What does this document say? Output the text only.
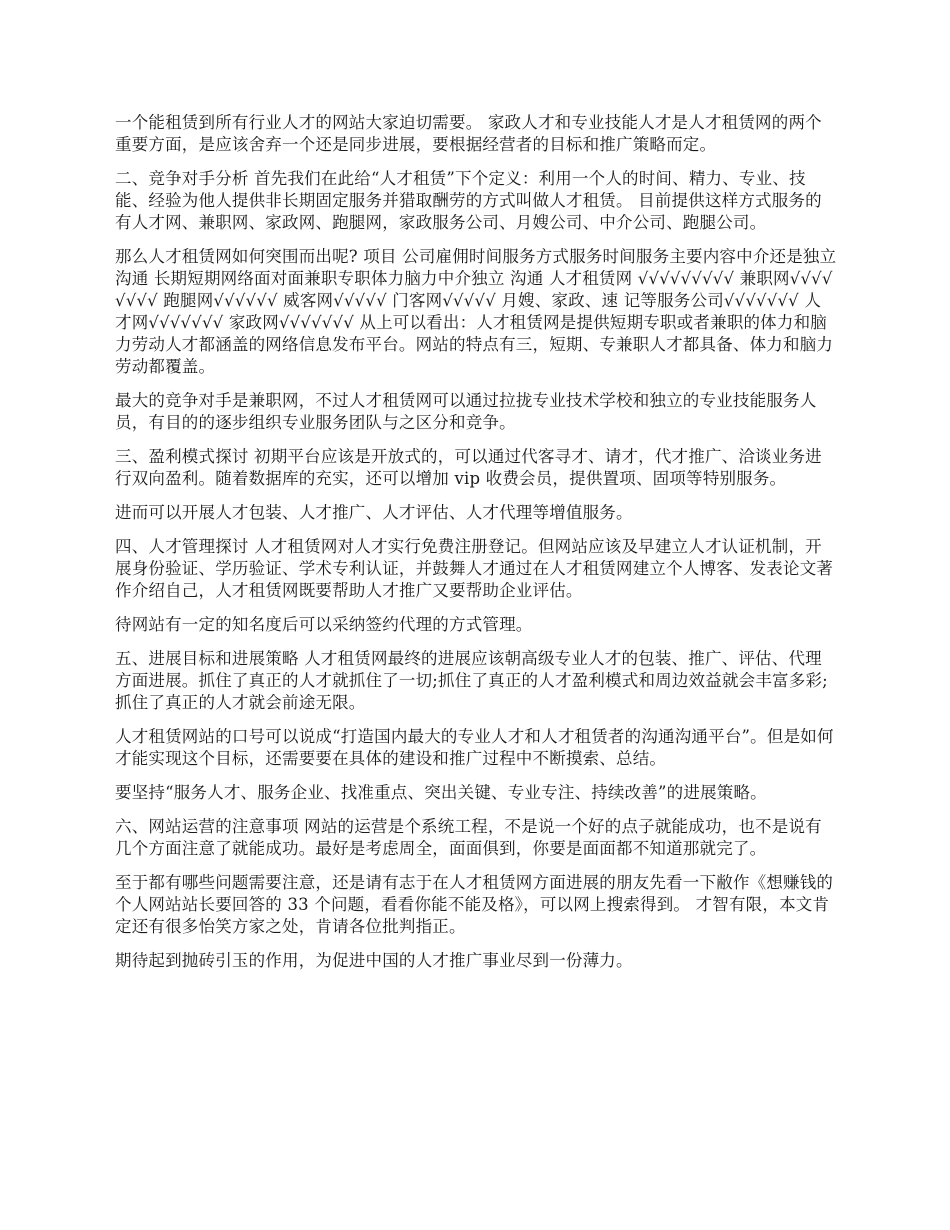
一个能租赁到所有行业人才的网站大家迫切需要。 家政人才和专业技能人才是人才租赁网的两个重要方面，是应该舍弃一个还是同步进展，要根据经营者的目标和推广策略而定。

二、竞争对手分析 首先我们在此给“人才租赁”下个定义：利用一个人的时间、精力、专业、技能、经验为他人提供非长期固定服务并猎取酬劳的方式叫做人才租赁。 目前提供这样方式服务的有人才网、兼职网、家政网、跑腿网，家政服务公司、月嫂公司、中介公司、跑腿公司。

那么人才租赁网如何突围而出呢? 项目 公司雇佣时间服务方式服务时间服务主要内容中介还是独立沟通 长期短期网络面对面兼职专职体力脑力中介独立 沟通 人才租赁网 √√√√√√√√√ 兼职网√√√√√√√√ 跑腿网√√√√√√ 威客网√√√√√ 门客网√√√√√ 月嫂、家政、速 记等服务公司√√√√√√√ 人才网√√√√√√√ 家政网√√√√√√√ 从上可以看出：人才租赁网是提供短期专职或者兼职的体力和脑力劳动人才都涵盖的网络信息发布平台。网站的特点有三，短期、专兼职人才都具备、体力和脑力劳动都覆盖。

最大的竞争对手是兼职网，不过人才租赁网可以通过拉拢专业技术学校和独立的专业技能服务人员，有目的的逐步组织专业服务团队与之区分和竞争。

三、盈利模式探讨 初期平台应该是开放式的，可以通过代客寻才、请才，代才推广、洽谈业务进行双向盈利。随着数据库的充实，还可以增加 vip 收费会员，提供置项、固项等特别服务。

进而可以开展人才包装、人才推广、人才评估、人才代理等增值服务。

四、人才管理探讨 人才租赁网对人才实行免费注册登记。但网站应该及早建立人才认证机制，开展身份验证、学历验证、学术专利认证，并鼓舞人才通过在人才租赁网建立个人博客、发表论文著作介绍自己，人才租赁网既要帮助人才推广又要帮助企业评估。

待网站有一定的知名度后可以采纳签约代理的方式管理。

五、进展目标和进展策略 人才租赁网最终的进展应该朝高级专业人才的包装、推广、评估、代理方面进展。抓住了真正的人才就抓住了一切;抓住了真正的人才盈利模式和周边效益就会丰富多彩;抓住了真正的人才就会前途无限。

人才租赁网站的口号可以说成“打造国内最大的专业人才和人才租赁者的沟通沟通平台”。但是如何才能实现这个目标，还需要要在具体的建设和推广过程中不断摸索、总结。

要坚持“服务人才、服务企业、找准重点、突出关键、专业专注、持续改善”的进展策略。

六、网站运营的注意事项 网站的运营是个系统工程，不是说一个好的点子就能成功，也不是说有几个方面注意了就能成功。最好是考虑周全，面面俱到，你要是面面都不知道那就完了。

至于都有哪些问题需要注意，还是请有志于在人才租赁网方面进展的朋友先看一下敝作《想赚钱的个人网站站长要回答的 33 个问题，看看你能不能及格》，可以网上搜索得到。 才智有限，本文肯定还有很多怡笑方家之处，肯请各位批判指正。

期待起到抛砖引玉的作用，为促进中国的人才推广事业尽到一份薄力。
